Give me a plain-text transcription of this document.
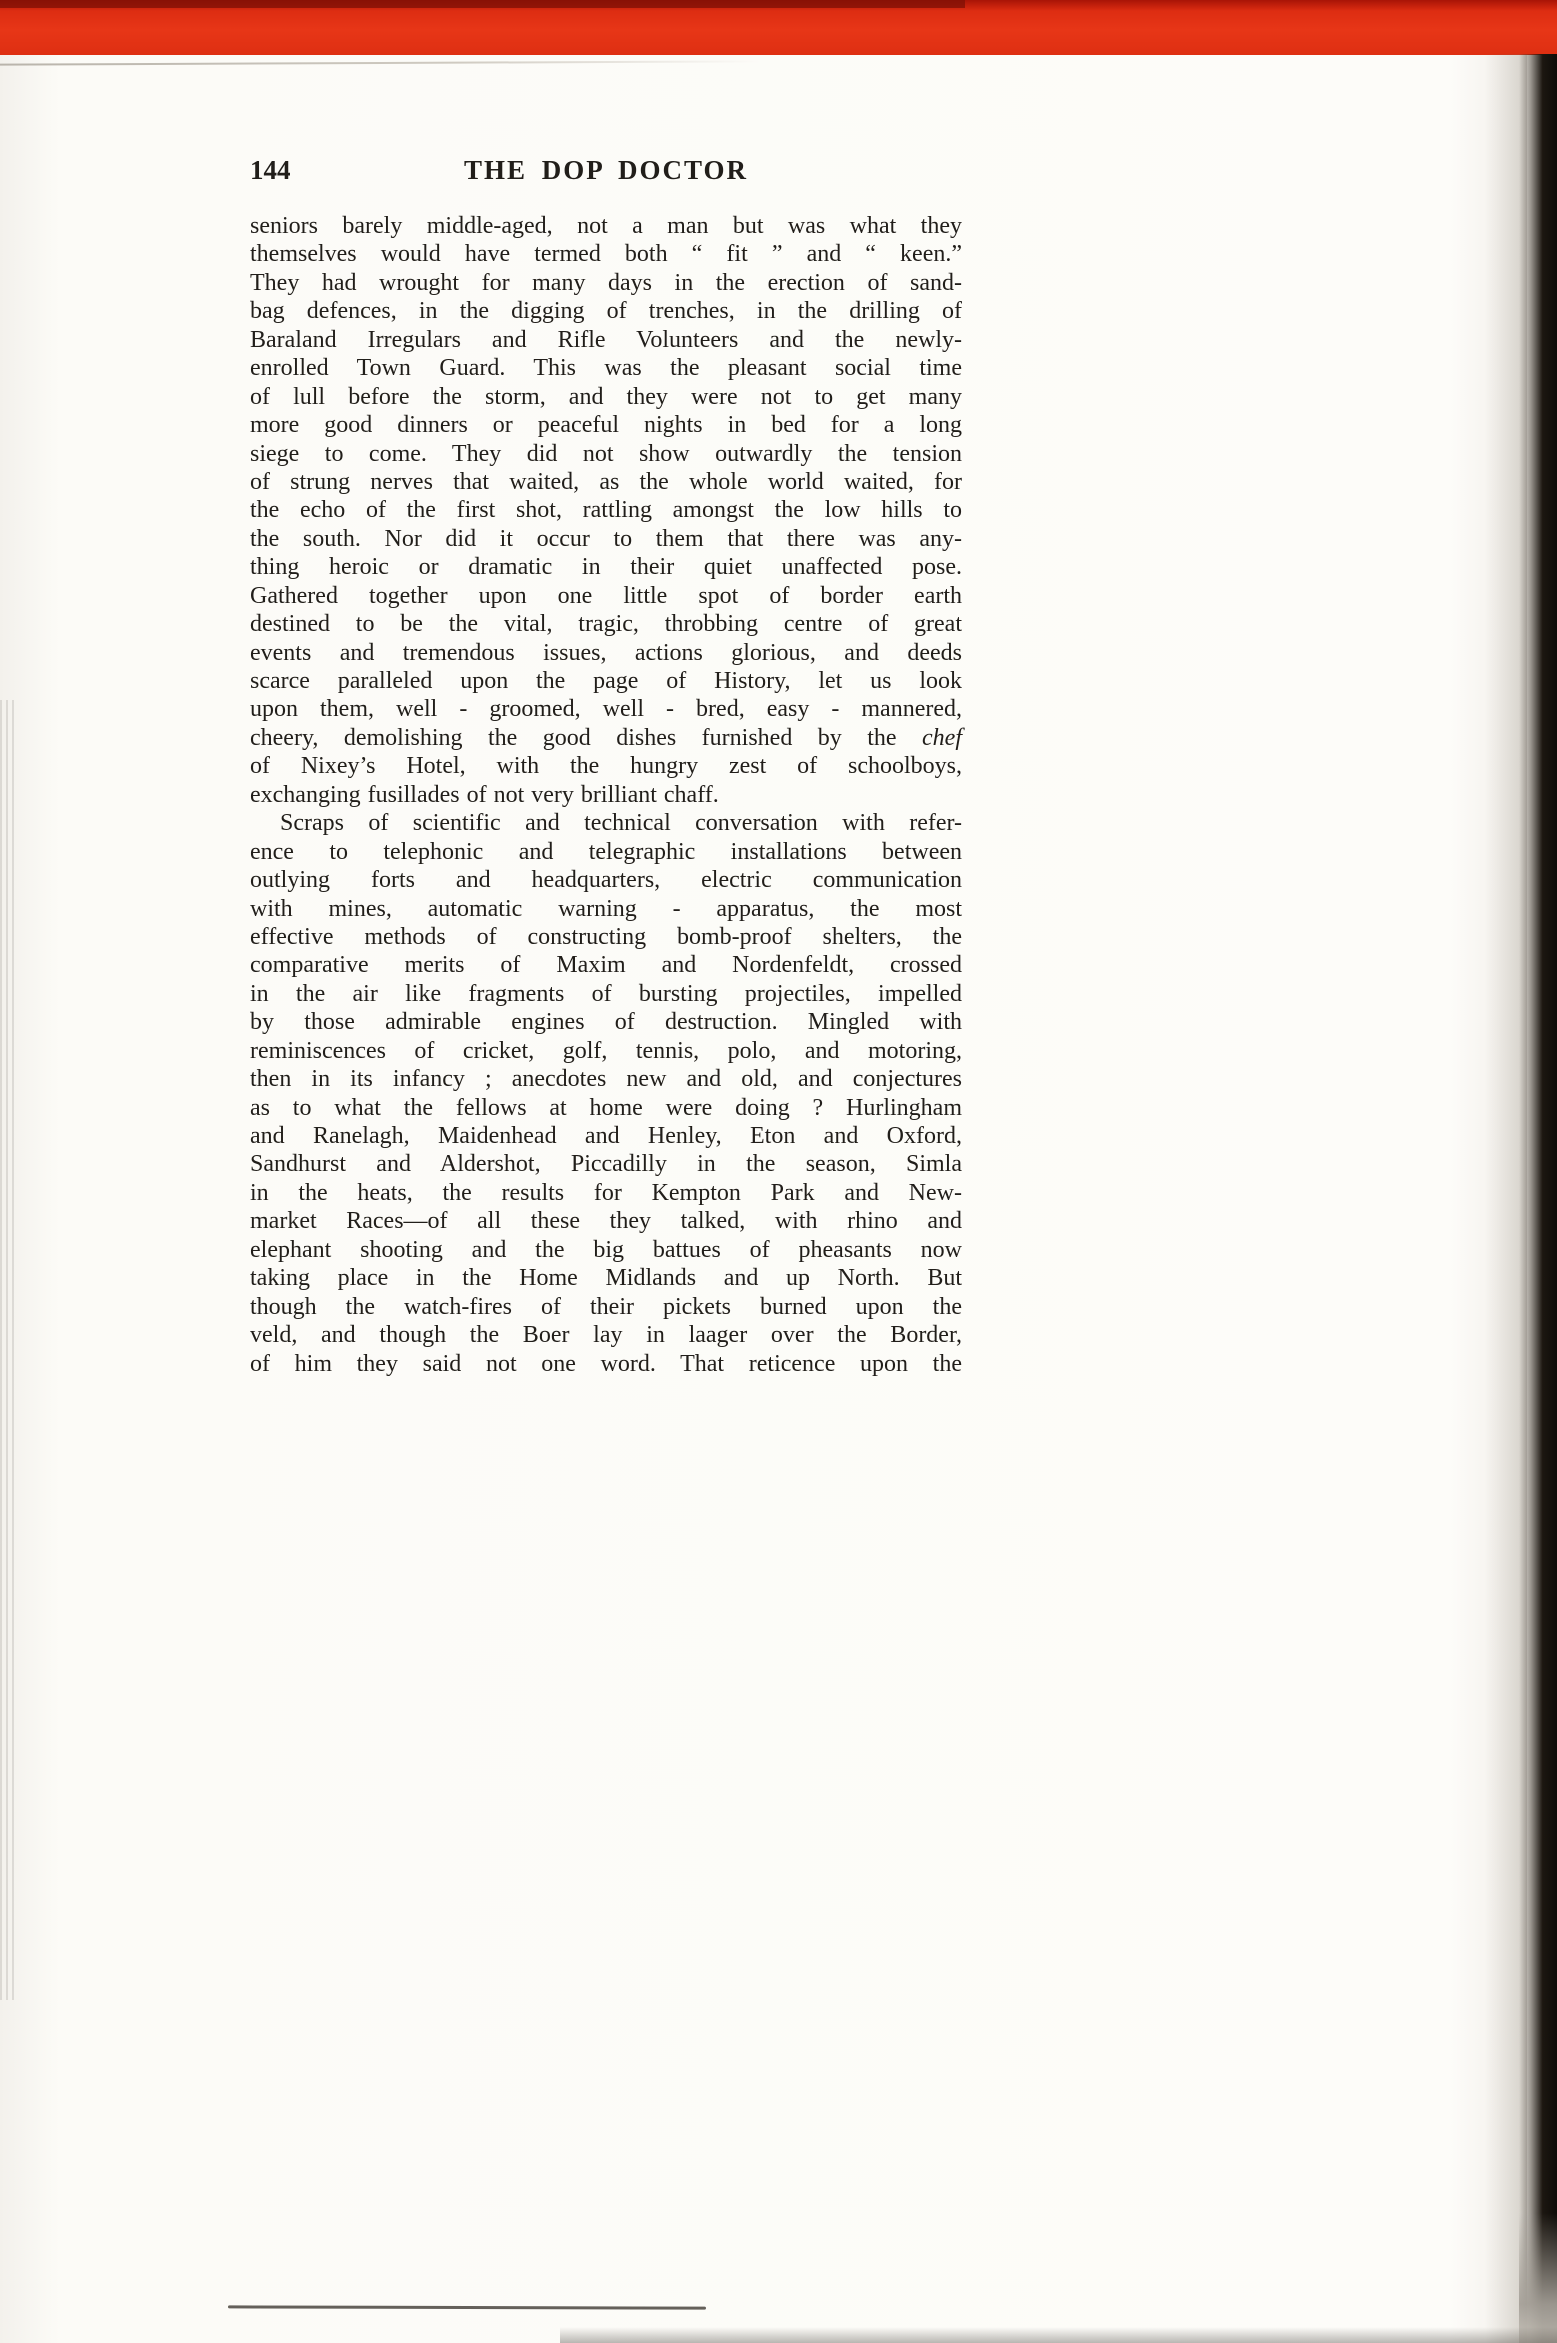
144	THE DOP DOCTOR
seniors barely middle-aged, not a man but was what they
themselves would have termed both “ fit ” and “ keen.”
They had wrought for many days in the erection of sand-
bag defences, in the digging of trenches, in the drilling of
Baraland Irregulars and Rifle Volunteers and the newly-
enrolled Town Guard. This was the pleasant social time
of lull before the storm, and they were not to get many
more good dinners or peaceful nights in bed for a long
siege to come. They did not show outwardly the tension
of strung nerves that waited, as the whole world waited, for
the echo of the first shot, rattling amongst the low hills to
the south. Nor did it occur to them that there was any-
thing heroic or dramatic in their quiet unaffected pose.
Gathered together upon one little spot of border earth
destined to be the vital, tragic, throbbing centre of great
events and tremendous issues, actions glorious, and deeds
scarce paralleled upon the page of History, let us look
upon them, well - groomed, well - bred, easy - mannered,
cheery, demolishing the good dishes furnished by the chef
of Nixey’s Hotel, with the hungry zest of schoolboys,
exchanging fusillades of not very brilliant chaff.
Scraps of scientific and technical conversation with refer-
ence to telephonic and telegraphic installations between
outlying forts and headquarters, electric communication
with mines, automatic warning - apparatus, the most
effective methods of constructing bomb-proof shelters, the
comparative merits of Maxim and Nordenfeldt, crossed
in the air like fragments of bursting projectiles, impelled
by those admirable engines of destruction. Mingled with
reminiscences of cricket, golf, tennis, polo, and motoring,
then in its infancy ; anecdotes new and old, and conjectures
as to what the fellows at home were doing ? Hurlingham
and Ranelagh, Maidenhead and Henley, Eton and Oxford,
Sandhurst and Aldershot, Piccadilly in the season, Simla
in the heats, the results for Kempton Park and New-
market Races—of all these they talked, with rhino and
elephant shooting and the big battues of pheasants now
taking place in the Home Midlands and up North. But
though the watch-fires of their pickets burned upon the
veld, and though the Boer lay in laager over the Border,
of him they said not one word. That reticence upon the
